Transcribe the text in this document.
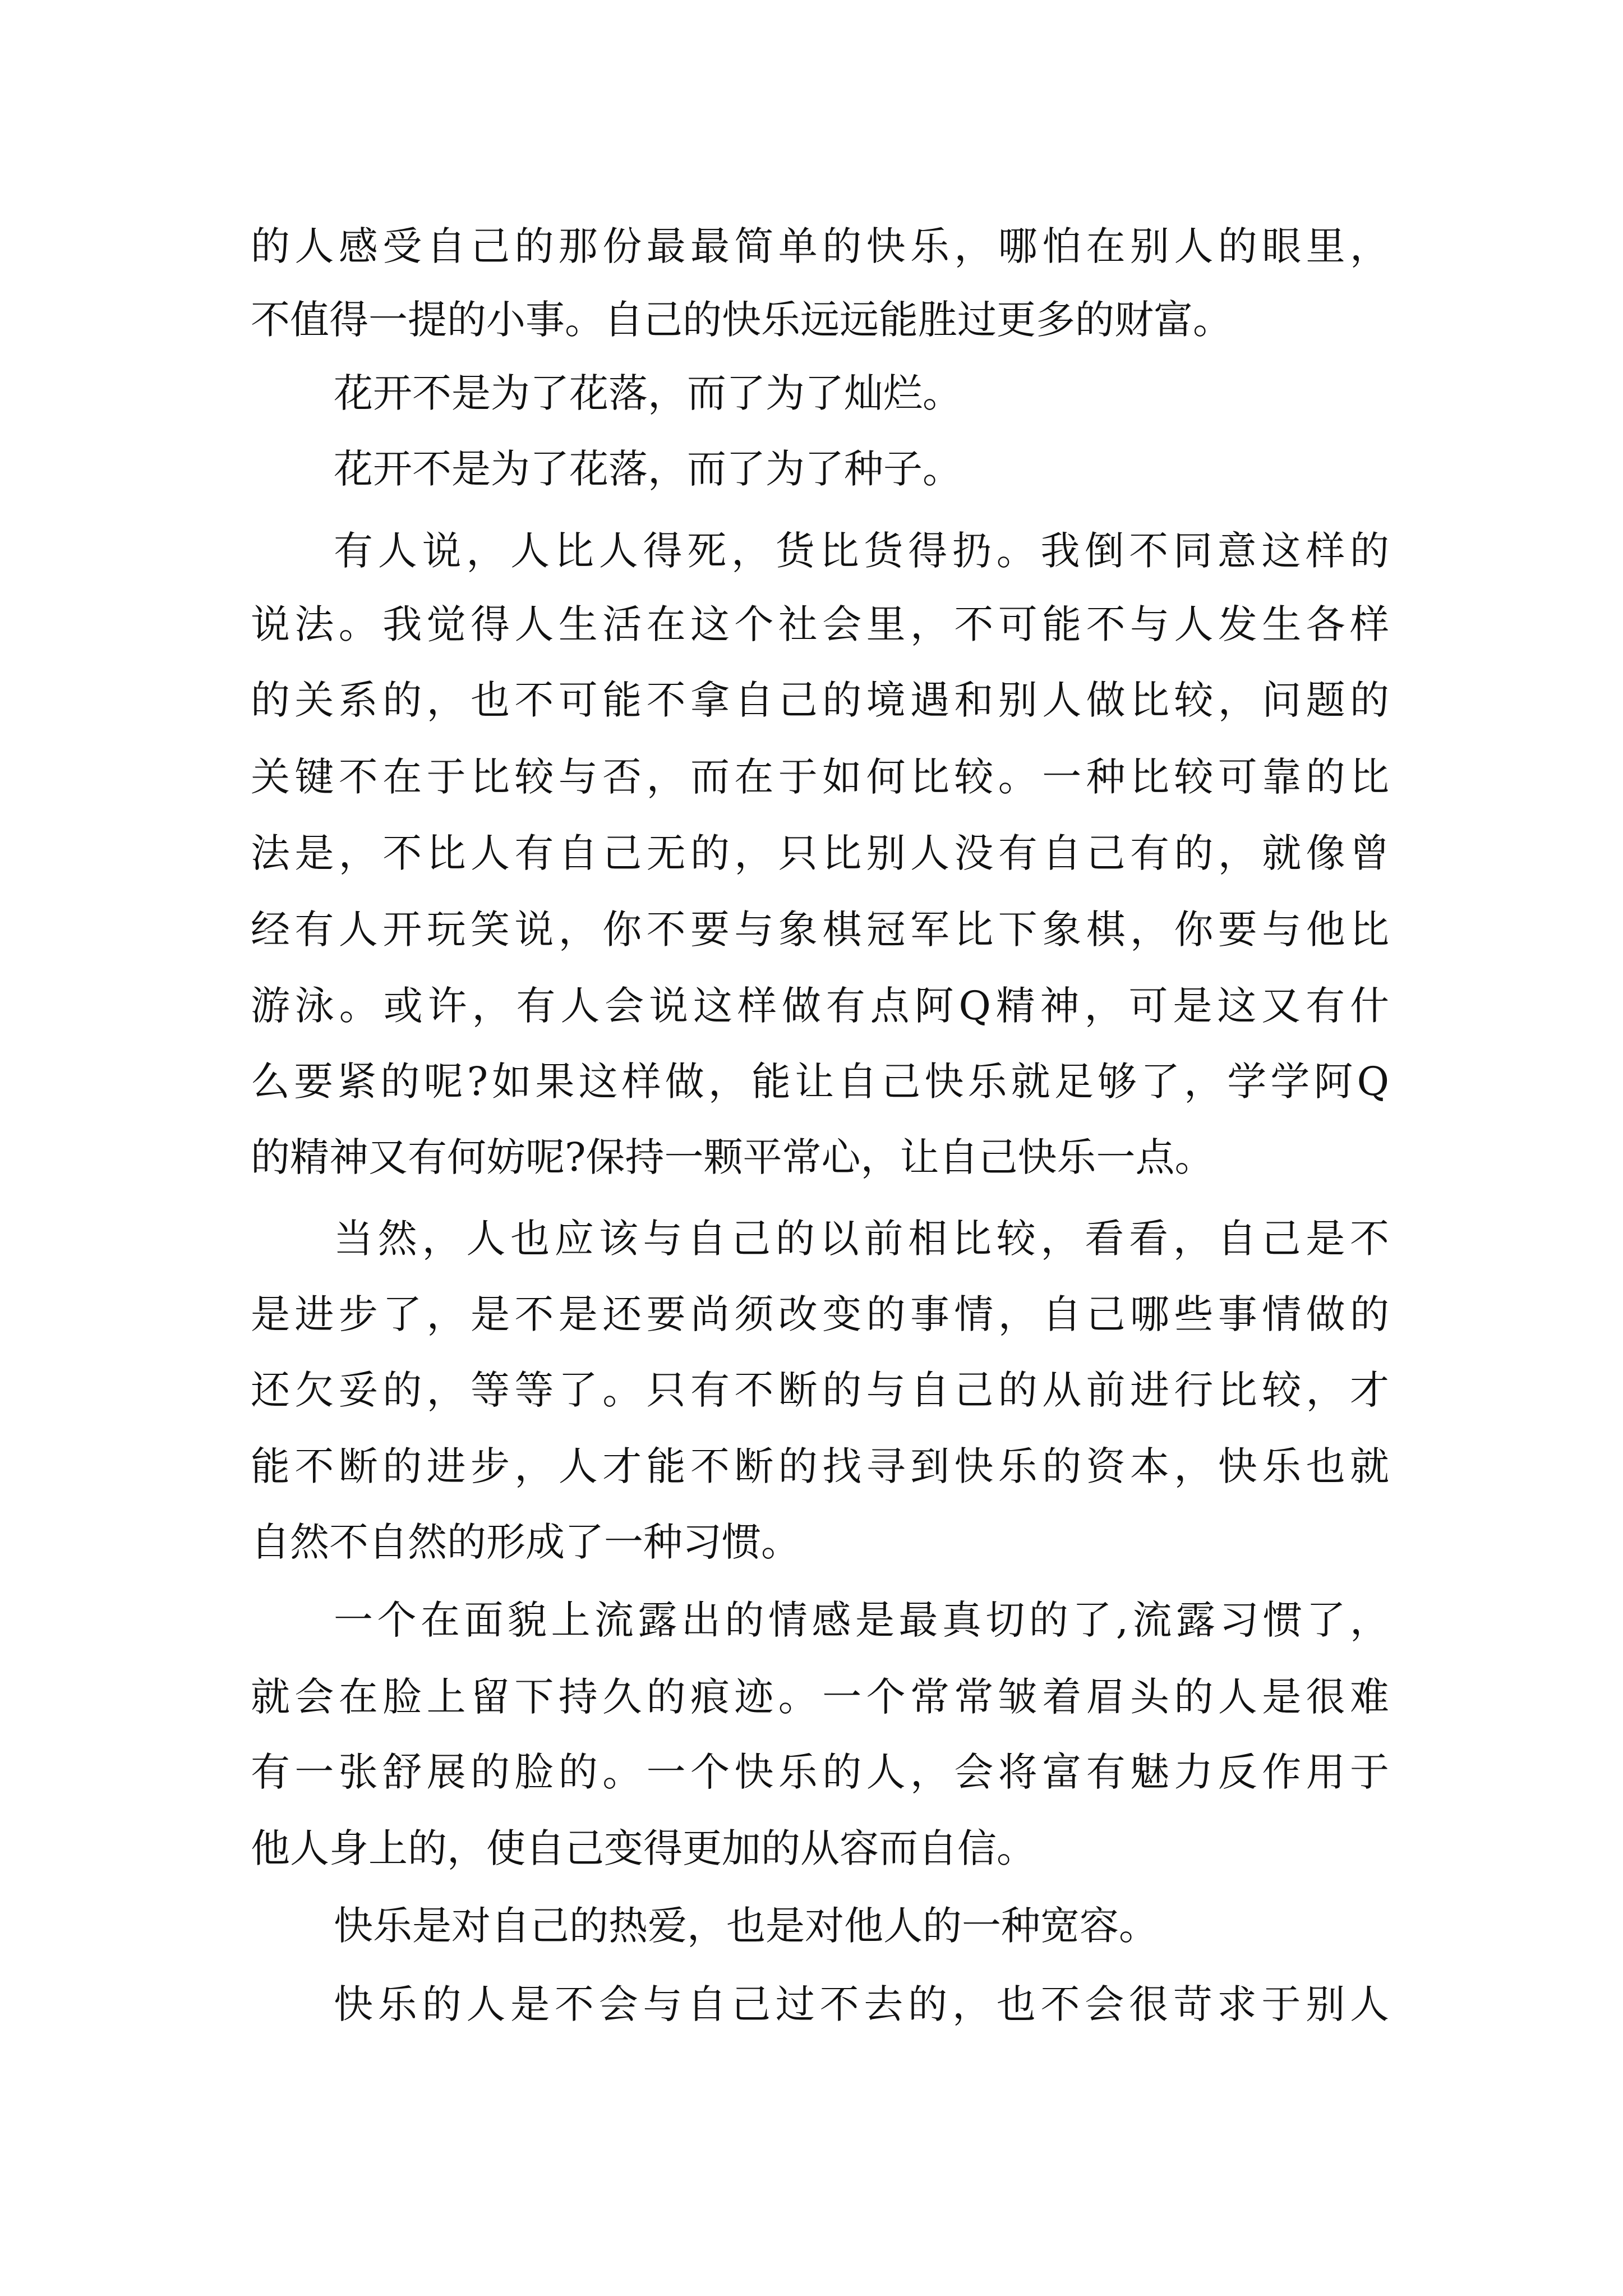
的人感受自己的那份最最简单的快乐，哪怕在别人的眼里，
不值得一提的小事。自己的快乐远远能胜过更多的财富。
花开不是为了花落，而了为了灿烂。
花开不是为了花落，而了为了种子。
有人说，人比人得死，货比货得扔。我倒不同意这样的
说法。我觉得人生活在这个社会里，不可能不与人发生各样
的关系的，也不可能不拿自己的境遇和别人做比较，问题的
关键不在于比较与否，而在于如何比较。一种比较可靠的比
法是，不比人有自己无的，只比别人没有自己有的，就像曾
经有人开玩笑说，你不要与象棋冠军比下象棋，你要与他比
游泳。或许，有人会说这样做有点阿Q精神，可是这又有什
么要紧的呢?如果这样做，能让自己快乐就足够了，学学阿Q
的精神又有何妨呢?保持一颗平常心，让自己快乐一点。
当然，人也应该与自己的以前相比较，看看，自己是不
是进步了，是不是还要尚须改变的事情，自己哪些事情做的
还欠妥的，等等了。只有不断的与自己的从前进行比较，才
能不断的进步，人才能不断的找寻到快乐的资本，快乐也就
自然不自然的形成了一种习惯。
一个在面貌上流露出的情感是最真切的了,流露习惯了，
就会在脸上留下持久的痕迹。一个常常皱着眉头的人是很难
有一张舒展的脸的。一个快乐的人，会将富有魅力反作用于
他人身上的，使自己变得更加的从容而自信。
快乐是对自己的热爱，也是对他人的一种宽容。
快乐的人是不会与自己过不去的，也不会很苛求于别人
